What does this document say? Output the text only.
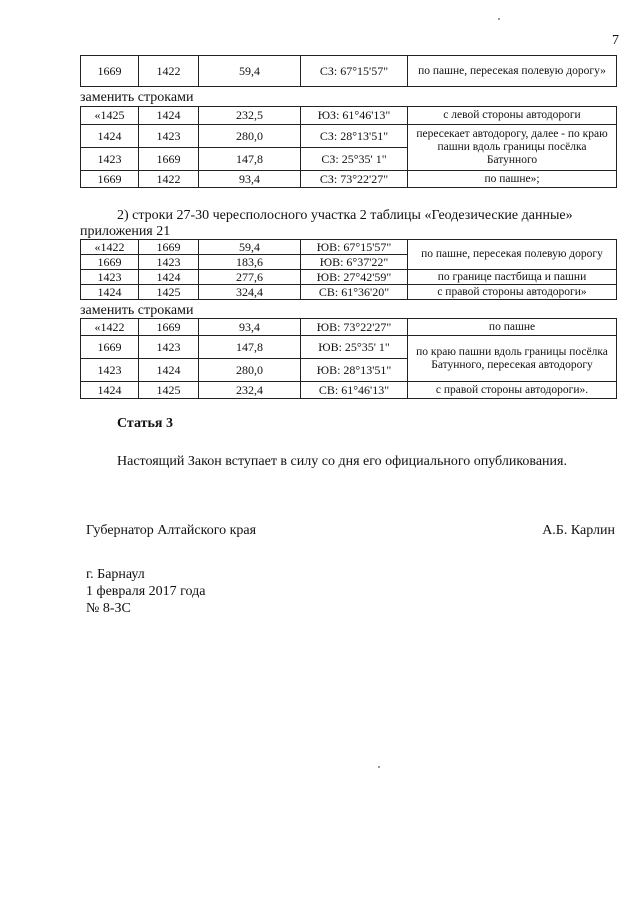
7
1669	1422	59,4	СЗ: 67°15'57"	по пашне, пересекая полевую дорогу»
заменить строками
«1425	1424	232,5	ЮЗ: 61°46'13"	с левой стороны автодороги
1424	1423	280,0	СЗ: 28°13'51"	пересекает автодорогу, далее - по краю пашни вдоль границы посёлка Батунного
1423	1669	147,8	СЗ: 25°35' 1"	
1669	1422	93,4	СЗ: 73°22'27"	по пашне»;
2) строки 27-30 чересполосного участка 2 таблицы «Геодезические данные»
приложения 21
«1422	1669	59,4	ЮВ: 67°15'57"	по пашне, пересекая полевую дорогу
1669	1423	183,6	ЮВ: 6°37'22"	
1423	1424	277,6	ЮВ: 27°42'59"	по границе пастбища и пашни
1424	1425	324,4	СВ: 61°36'20"	с правой стороны автодороги»
заменить строками
«1422	1669	93,4	ЮВ: 73°22'27"	по пашне
1669	1423	147,8	ЮВ: 25°35' 1"	по краю пашни вдоль границы посёлка Батунного, пересекая автодорогу
1423	1424	280,0	ЮВ: 28°13'51"	
1424	1425	232,4	СВ: 61°46'13"	с правой стороны автодороги».
Статья 3
Настоящий Закон вступает в силу со дня его официального опубликования.
Губернатор Алтайского края	А.Б. Карлин
г. Барнаул
1 февраля 2017 года
№ 8-ЗС
